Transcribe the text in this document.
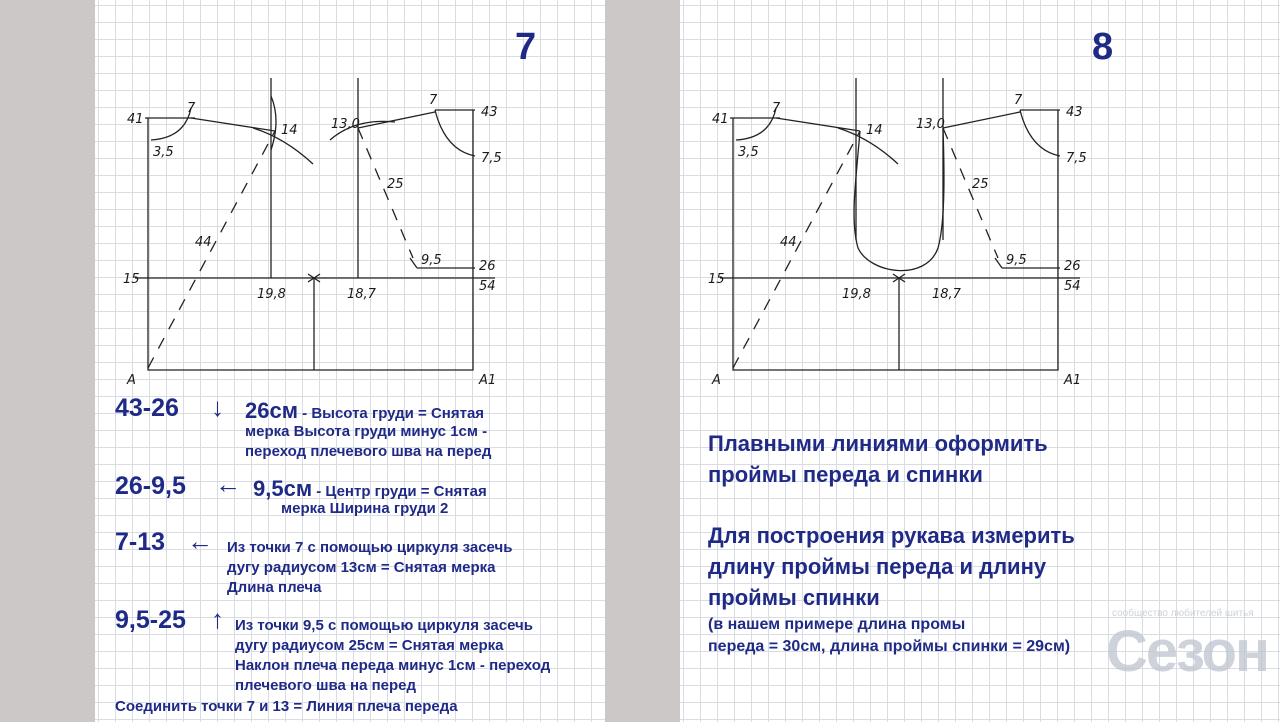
7
41
7
3,5
14	13,0
7
43
7,5
25
44
9,5	26
15
19,8	18,7
54
A	A1
43-26 ↓ 26см - Высота груди = Снятая
мерка Высота груди минус 1см -
переход плечевого шва на перед
26-9,5 ← 9,5см - Центр груди = Снятая
мерка Ширина груди 2
7-13 ← Из точки 7 с помощью циркуля засечь
дугу радиусом 13см = Снятая мерка
Длина плеча
9,5-25 ↑ Из точки 9,5 с помощью циркуля засечь
дугу радиусом 25см = Снятая мерка
Наклон плеча переда минус 1см - переход
плечевого шва на перед
Соединить точки 7 и 13 = Линия плеча переда
8
41
7
3,5
14	13,0
7
43
7,5
25
44
9,5	26
15
19,8	18,7
54
A	A1
Плавными линиями оформить
проймы переда и спинки
Для построения рукава измерить
длину проймы переда и длину
проймы спинки
(в нашем примере длина промы
переда = 30см, длина проймы спинки = 29см)
сообщество любителей шитья
Сезон
